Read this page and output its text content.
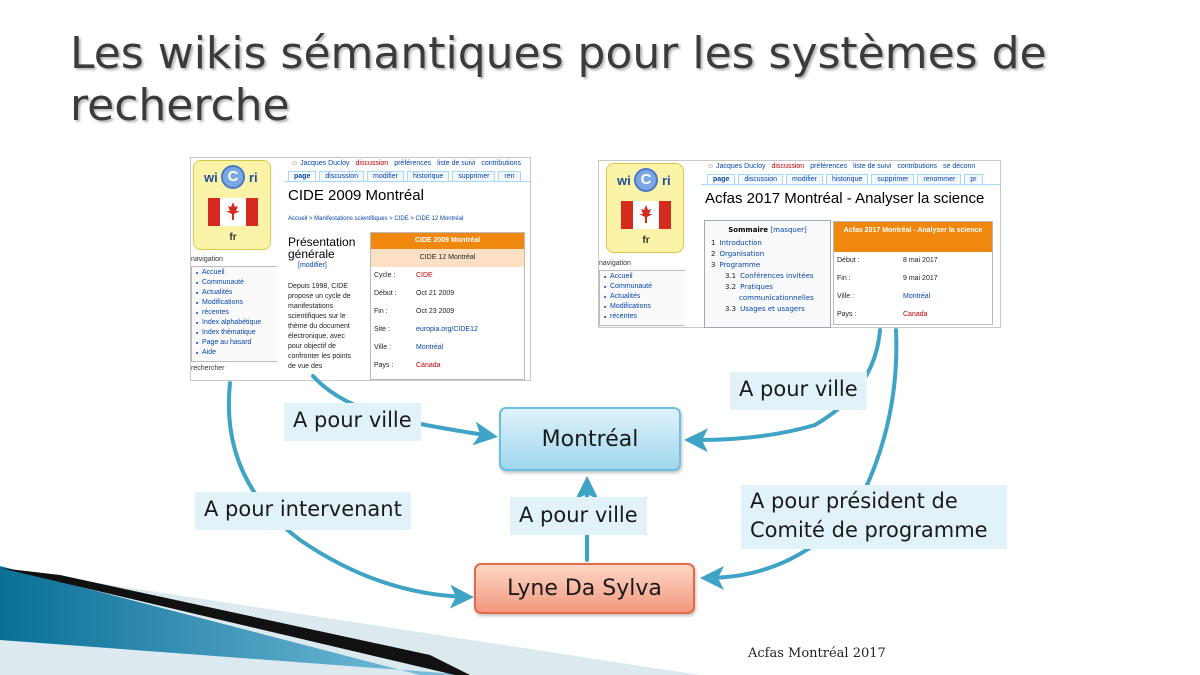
Les wikis sémantiques pour les systèmes de
recherche
wi C ri
fr
navigation
■ Accueil
■ Communauté
■ Actualités
■ Modifications
■ récentes
■ Index alphabétique
■ Index thématique
■ Page au hasard
■ Aide
rechercher
☺ Jacques Ducloy discussion préférences liste de suivi contributions
page	discussion	modifier	historique	supprimer	ren
CIDE 2009 Montréal
Accueil > Manifestations scientifiques > CIDE > CIDE 12 Montréal
Présentation
générale
[modifier]
Depuis 1998, CIDE
propose un cycle de
manifestations
scientifiques sur le
thème du document
électronique, avec
pour objectif de
confronter les points
de vue des
CIDE 2009 Montréal
CIDE 12 Montréal
Cycle :	CIDE
Début :	Oct 21 2009
Fin :	Oct 23 2009
Site :	europia.org/CIDE12
Ville :	Montréal
Pays :	Canada
wi C ri
fr
navigation
■ Accueil
■ Communauté
■ Actualités
■ Modifications
■ récentes
☺ Jacques Ducloy discussion préférences liste de suivi contributions se déconn
page	discussion	modifier	historique	supprimer	renommer	pr
Acfas 2017 Montréal - Analyser la science
Acfas 2017 Montréal - Analyser la science
Début :	8 mai 2017
Fin :	9 mai 2017
Ville :	Montréal
Pays :	Canada
Sommaire [masquer]
1 Introduction
2 Organisation
3 Programme
3.1 Conférences invitées
3.2 Pratiques
communicationnelles
3.3 Usages et usagers
Montréal
Lyne Da Sylva
A pour ville
A pour ville
A pour ville
A pour intervenant	A pour président de
Comité de programme
Acfas Montréal 2017
